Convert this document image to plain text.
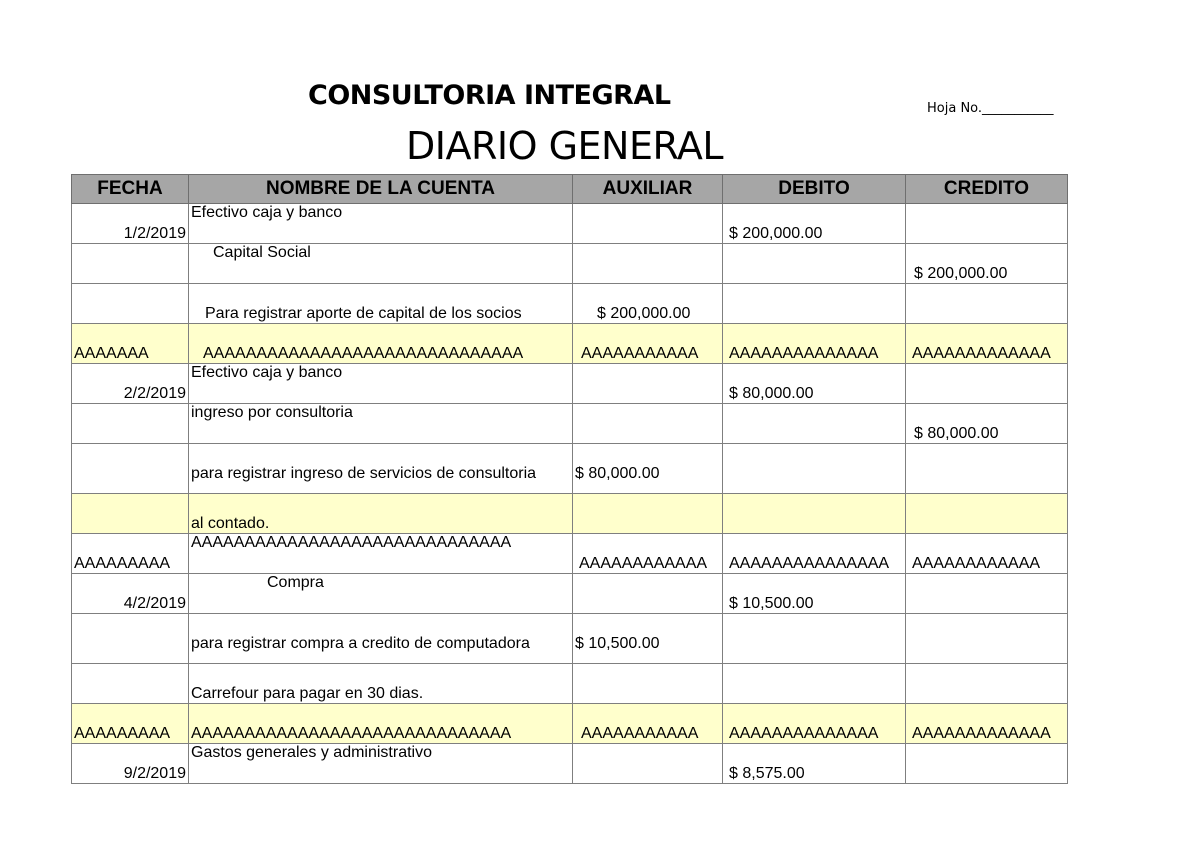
CONSULTORIA INTEGRAL
DIARIO GENERAL
Hoja No.___________
FECHA	NOMBRE DE LA CUENTA	AUXILIAR	DEBITO	CREDITO
1/2/2019	Efectivo caja y banco		$ 200,000.00	
	Capital Social			$ 200,000.00
	Para registrar aporte de capital de los socios	$ 200,000.00		
AAAAAAA	AAAAAAAAAAAAAAAAAAAAAAAAAAAAAA	AAAAAAAAAAA	AAAAAAAAAAAAAA	AAAAAAAAAAAAA
2/2/2019	Efectivo caja y banco		$ 80,000.00	
	ingreso por consultoria			$ 80,000.00
	para registrar ingreso de servicios de consultoria	$ 80,000.00		
	al contado.			
AAAAAAAAA	AAAAAAAAAAAAAAAAAAAAAAAAAAAAAA	AAAAAAAAAAAA	AAAAAAAAAAAAAAA	AAAAAAAAAAAA
4/2/2019	Compra		$ 10,500.00	
	para registrar compra a credito de computadora	$ 10,500.00		
	Carrefour para pagar en 30 dias.			
AAAAAAAAA	AAAAAAAAAAAAAAAAAAAAAAAAAAAAAA	AAAAAAAAAAA	AAAAAAAAAAAAAA	AAAAAAAAAAAAA
9/2/2019	Gastos generales y administrativo		$ 8,575.00	
